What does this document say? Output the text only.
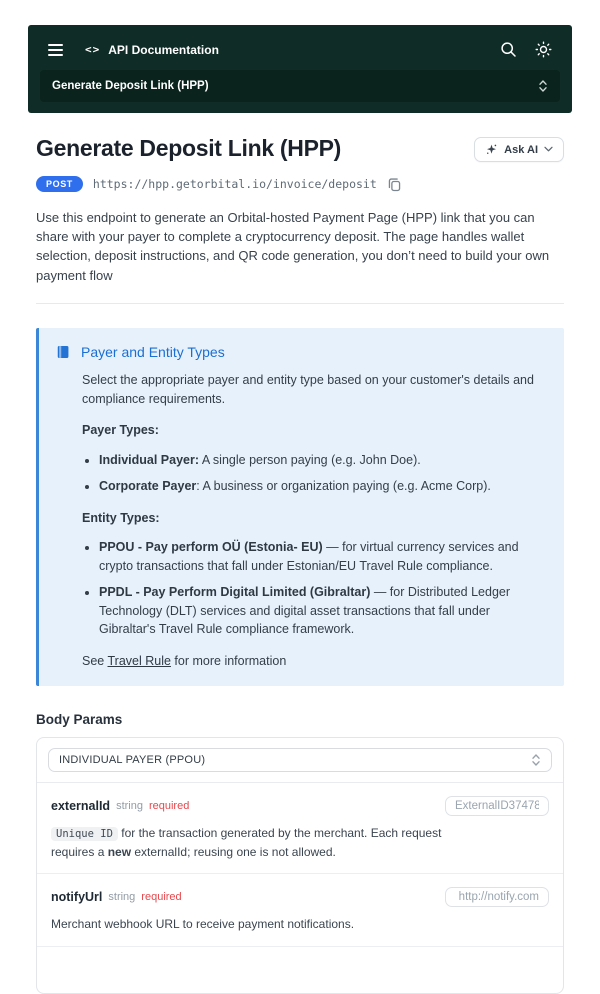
<> API Documentation
Generate Deposit Link (HPP)
Generate Deposit Link (HPP)	Ask AI
POST	https://hpp.getorbital.io/invoice/deposit

Use this endpoint to generate an Orbital-hosted Payment Page (HPP) link that you can share with your payer to complete a cryptocurrency deposit. The page handles wallet selection, deposit instructions, and QR code generation, you don’t need to build your own payment flow

Payer and Entity Types

Select the appropriate payer and entity type based on your customer's details and compliance requirements.

Payer Types:

• Individual Payer: A single person paying (e.g. John Doe).
• Corporate Payer: A business or organization paying (e.g. Acme Corp).

Entity Types:

• PPOU - Pay perform OÜ (Estonia- EU) — for virtual currency services and crypto transactions that fall under Estonian/EU Travel Rule compliance.
• PPDL - Pay Perform Digital Limited (Gibraltar) — for Distributed Ledger Technology (DLT) services and digital asset transactions that fall under Gibraltar's Travel Rule compliance framework.

See Travel Rule for more information

Body Params
INDIVIDUAL PAYER (PPOU)
externalId string required
ExternalID374785

Unique ID for the transaction generated by the merchant. Each request requires a new externalId; reusing one is not allowed.

notifyUrl string required
http://notify.com

Merchant webhook URL to receive payment notifications.
